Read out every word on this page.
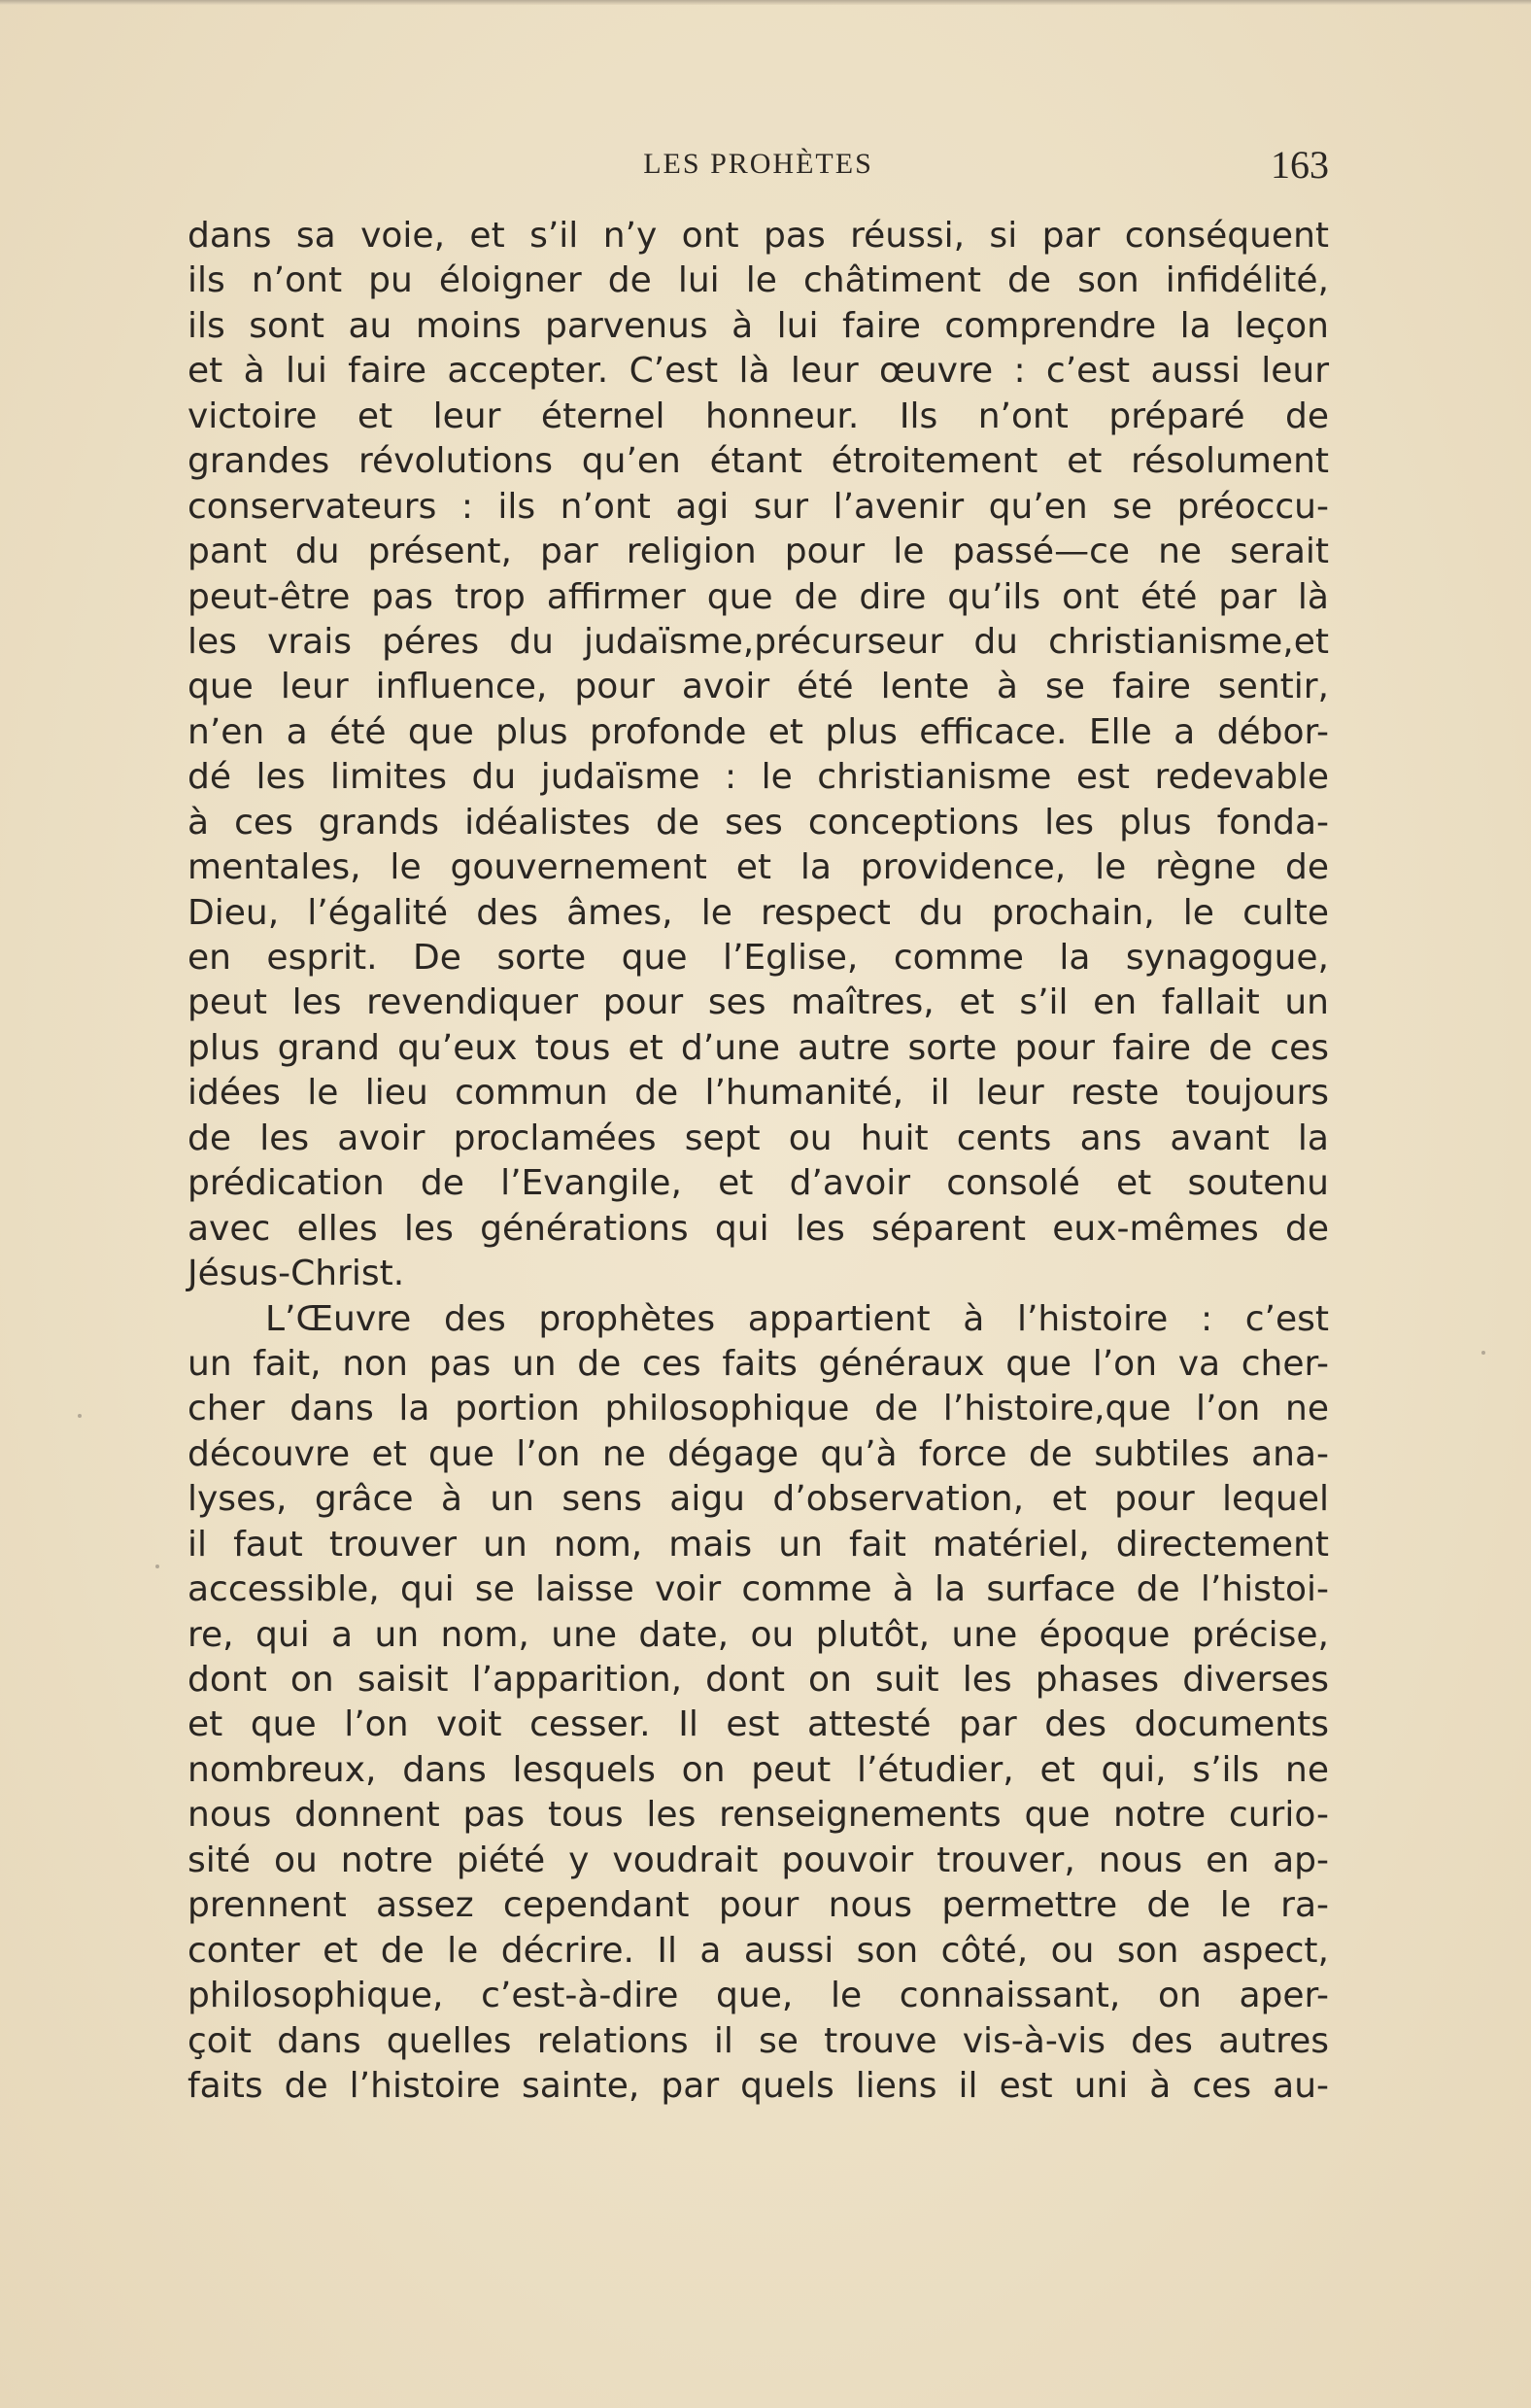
LES PROHÈTES	163
dans sa voie, et s’il n’y ont pas réussi, si par conséquent
ils n’ont pu éloigner de lui le châtiment de son infidélité,
ils sont au moins parvenus à lui faire comprendre la leçon
et à lui faire accepter. C’est là leur œuvre : c’est aussi leur
victoire et leur éternel honneur. Ils n’ont préparé de
grandes révolutions qu’en étant étroitement et résolument
conservateurs : ils n’ont agi sur l’avenir qu’en se préoccu-
pant du présent, par religion pour le passé—ce ne serait
peut-être pas trop affirmer que de dire qu’ils ont été par là
les vrais péres du judaïsme,précurseur du christianisme,et
que leur influence, pour avoir été lente à se faire sentir,
n’en a été que plus profonde et plus efficace. Elle a débor-
dé les limites du judaïsme : le christianisme est redevable
à ces grands idéalistes de ses conceptions les plus fonda-
mentales, le gouvernement et la providence, le règne de
Dieu, l’égalité des âmes, le respect du prochain, le culte
en esprit. De sorte que l’Eglise, comme la synagogue,
peut les revendiquer pour ses maîtres, et s’il en fallait un
plus grand qu’eux tous et d’une autre sorte pour faire de ces
idées le lieu commun de l’humanité, il leur reste toujours
de les avoir proclamées sept ou huit cents ans avant la
prédication de l’Evangile, et d’avoir consolé et soutenu
avec elles les générations qui les séparent eux-mêmes de
Jésus-Christ.
L’Œuvre des prophètes appartient à l’histoire : c’est
un fait, non pas un de ces faits généraux que l’on va cher-
cher dans la portion philosophique de l’histoire,que l’on ne
découvre et que l’on ne dégage qu’à force de subtiles ana-
lyses, grâce à un sens aigu d’observation, et pour lequel
il faut trouver un nom, mais un fait matériel, directement
accessible, qui se laisse voir comme à la surface de l’histoi-
re, qui a un nom, une date, ou plutôt, une époque précise,
dont on saisit l’apparition, dont on suit les phases diverses
et que l’on voit cesser. Il est attesté par des documents
nombreux, dans lesquels on peut l’étudier, et qui, s’ils ne
nous donnent pas tous les renseignements que notre curio-
sité ou notre piété y voudrait pouvoir trouver, nous en ap-
prennent assez cependant pour nous permettre de le ra-
conter et de le décrire. Il a aussi son côté, ou son aspect,
philosophique, c’est-à-dire que, le connaissant, on aper-
çoit dans quelles relations il se trouve vis-à-vis des autres
faits de l’histoire sainte, par quels liens il est uni à ces au-
